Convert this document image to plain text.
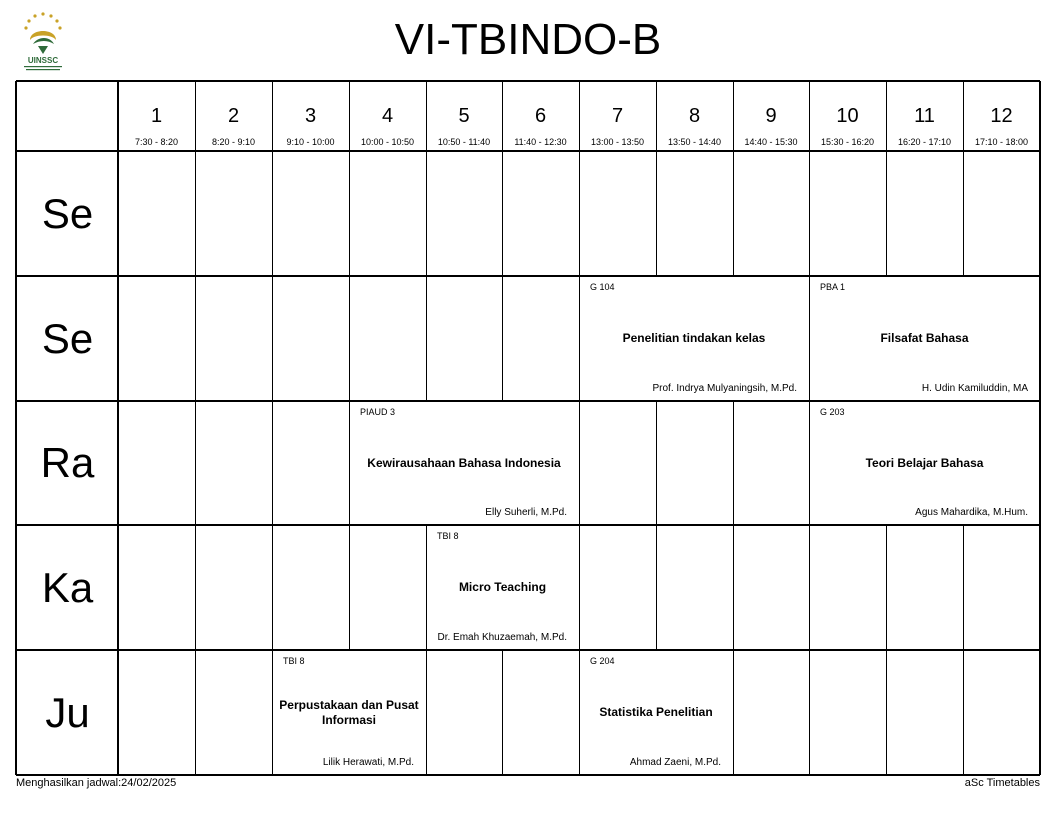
UINSSC	VI-TBINDO-B
1
7:30 - 8:20
2
8:20 - 9:10
3
9:10 - 10:00
4
10:00 - 10:50
5
10:50 - 11:40
6
11:40 - 12:30
7
13:00 - 13:50
8
13:50 - 14:40
9
14:40 - 15:30
10
15:30 - 16:20
11
16:20 - 17:10
12
17:10 - 18:00
Se
Se
Ra
Ka
Ju
G 104
Penelitian tindakan kelas
Prof. Indrya Mulyaningsih, M.Pd.
PBA 1
Filsafat Bahasa
H. Udin Kamiluddin, MA
PIAUD 3
Kewirausahaan Bahasa Indonesia
Elly Suherli, M.Pd.
G 203
Teori Belajar Bahasa
Agus Mahardika, M.Hum.
TBI 8
Micro Teaching
Dr. Emah Khuzaemah, M.Pd.
TBI 8
Perpustakaan dan Pusat Informasi
Lilik Herawati, M.Pd.
G 204
Statistika Penelitian
Ahmad Zaeni, M.Pd.
Menghasilkan jadwal:24/02/2025	aSc Timetables
